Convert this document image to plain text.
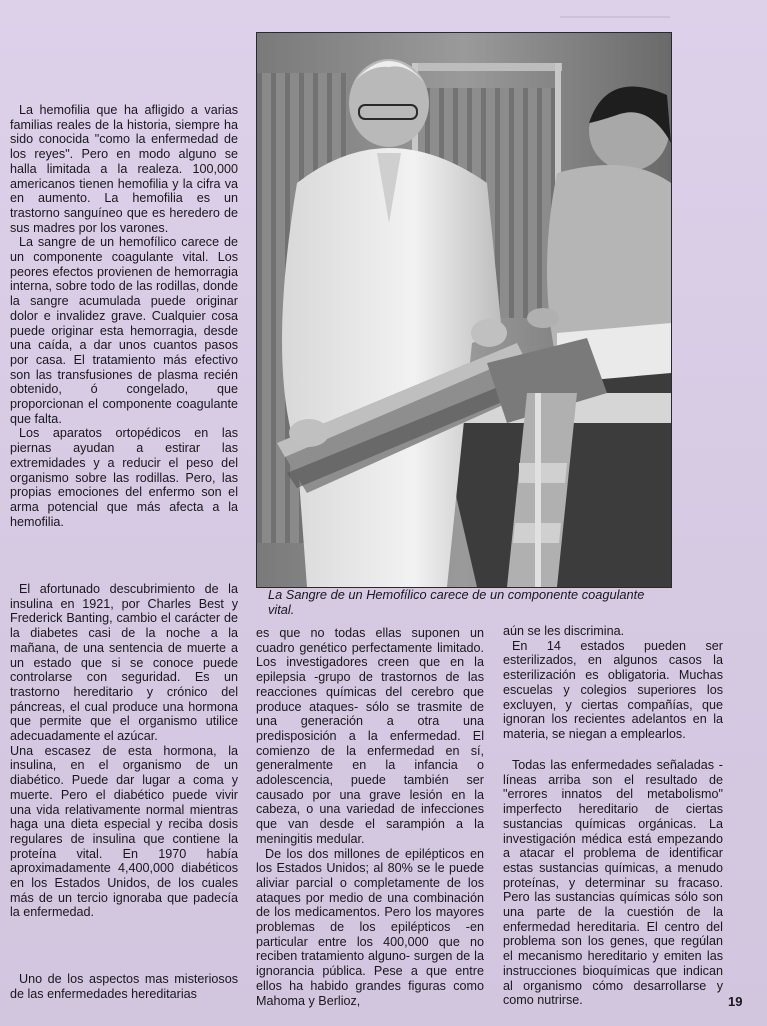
La hemofilia que ha afligido a varias familias reales de la historia, siempre ha sido conocida "como la enfermedad de los reyes". Pero en modo alguno se halla limitada a la realeza. 100,000 americanos tienen hemofilia y la cifra va en aumento. La hemofilia es un trastorno sanguíneo que es heredero de sus madres por los varones.

La sangre de un hemofílico carece de un componente coagulante vital. Los peores efectos provienen de hemorragia interna, sobre todo de las rodillas, donde la sangre acumulada puede originar dolor e invalidez grave. Cualquier cosa puede originar esta hemorragia, desde una caída, a dar unos cuantos pasos por casa. El tratamiento más efectivo son las transfusiones de plasma recién obtenido, ó congelado, que proporcionan el componente coagulante que falta.

Los aparatos ortopédicos en las piernas ayudan a estirar las extremidades y a reducir el peso del organismo sobre las rodillas. Pero, las propias emociones del enfermo son el arma potencial que más afecta a la hemofilia.

El afortunado descubrimiento de la insulina en 1921, por Charles Best y Frederick Banting, cambio el carácter de la diabetes casi de la noche a la mañana, de una sentencia de muerte a un estado que si se conoce puede controlarse con seguridad. Es un trastorno hereditario y crónico del páncreas, el cual produce una hormona que permite que el organismo utilice adecuadamente el azúcar.

Una escasez de esta hormona, la insulina, en el organismo de un diabético. Puede dar lugar a coma y muerte. Pero el diabético puede vivir una vida relativamente normal mientras haga una dieta especial y reciba dosis regulares de insulina que contiene la proteína vital. En 1970 había aproximadamente 4,400,000 diabéticos en los Estados Unidos, de los cuales más de un tercio ignoraba que padecía la enfermedad.

Uno de los aspectos mas misteriosos de las enfermedades hereditarias

La Sangre de un Hemofílico carece de un componente coagulante vital.

es que no todas ellas suponen un cuadro genético perfectamente limitado. Los investigadores creen que en la epilepsia -grupo de trastornos de las reacciones químicas del cerebro que produce ataques- sólo se trasmite de una generación a otra una predisposición a la enfermedad. El comienzo de la enfermedad en sí, generalmente en la infancia o adolescencia, puede también ser causado por una grave lesión en la cabeza, o una variedad de infecciones que van desde el sarampión a la meningitis medular.

De los dos millones de epilépticos en los Estados Unidos; al 80% se le puede aliviar parcial o completamente de los ataques por medio de una combinación de los medicamentos. Pero los mayores problemas de los epilépticos -en particular entre los 400,000 que no reciben tratamiento alguno- surgen de la ignorancia pública. Pese a que entre ellos ha habido grandes figuras como Mahoma y Berlioz,

aún se les discrimina.

En 14 estados pueden ser esterilizados, en algunos casos la esterilización es obligatoria. Muchas escuelas y colegios superiores los excluyen, y ciertas compañías, que ignoran los recientes adelantos en la materia, se niegan a emplearlos.

Todas las enfermedades señaladas -líneas arriba son el resultado de "errores innatos del metabolismo" imperfecto hereditario de ciertas sustancias químicas orgánicas. La investigación médica está empezando a atacar el problema de identificar estas sustancias químicas, a menudo proteínas, y determinar su fracaso. Pero las sustancias químicas sólo son una parte de la cuestión de la enfermedad hereditaria. El centro del problema son los genes, que regúlan el mecanismo hereditario y emiten las instrucciones bioquímicas que indican al organismo cómo desarrollarse y como nutrirse.	19
